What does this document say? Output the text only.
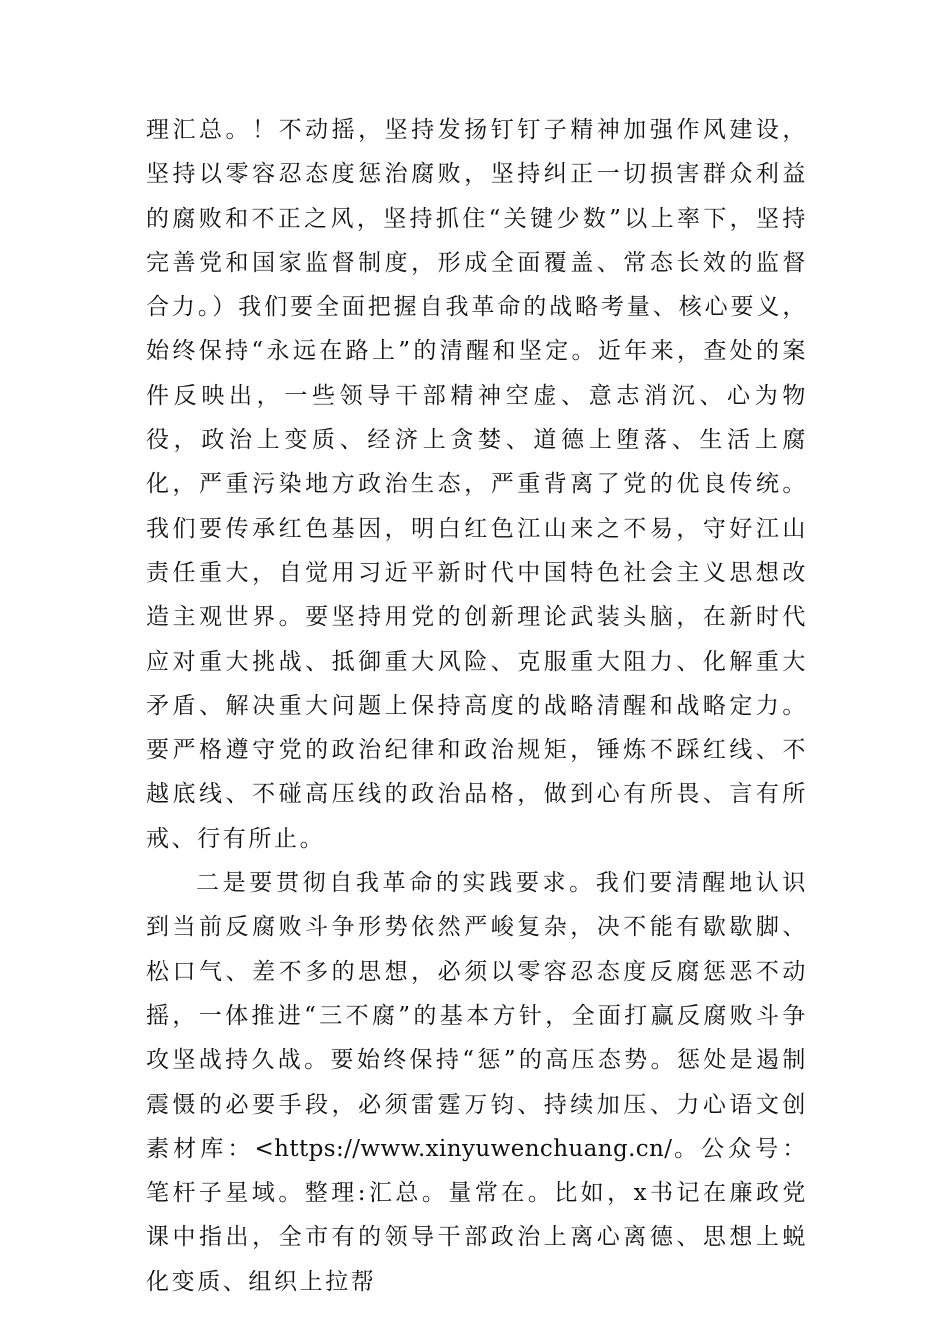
理汇总。！不动摇，坚持发扬钉钉子精神加强作风建设，坚持以零容忍态度惩治腐败，坚持纠正一切损害群众利益的腐败和不正之风，坚持抓住“关键少数”以上率下，坚持完善党和国家监督制度，形成全面覆盖、常态长效的监督合力。）我们要全面把握自我革命的战略考量、核心要义，始终保持“永远在路上”的清醒和坚定。近年来，查处的案件反映出，一些领导干部精神空虚、意志消沉、心为物役，政治上变质、经济上贪婪、道德上堕落、生活上腐化，严重污染地方政治生态，严重背离了党的优良传统。我们要传承红色基因，明白红色江山来之不易，守好江山责任重大，自觉用习近平新时代中国特色社会主义思想改造主观世界。要坚持用党的创新理论武装头脑，在新时代应对重大挑战、抵御重大风险、克服重大阻力、化解重大矛盾、解决重大问题上保持高度的战略清醒和战略定力。要严格遵守党的政治纪律和政治规矩，锤炼不踩红线、不越底线、不碰高压线的政治品格，做到心有所畏、言有所戒、行有所止。

二是要贯彻自我革命的实践要求。我们要清醒地认识到当前反腐败斗争形势依然严峻复杂，决不能有歇歇脚、松口气、差不多的思想，必须以零容忍态度反腐惩恶不动摇，一体推进“三不腐”的基本方针，全面打赢反腐败斗争攻坚战持久战。要始终保持“惩”的高压态势。惩处是遏制震慑的必要手段，必须雷霆万钧、持续加压、力心语文创素材库：<https://www.xinyuwenchuang.cn/。公众号：笔杆子星域。整理:汇总。量常在。比如，x书记在廉政党课中指出，全市有的领导干部政治上离心离德、思想上蜕化变质、组织上拉帮
